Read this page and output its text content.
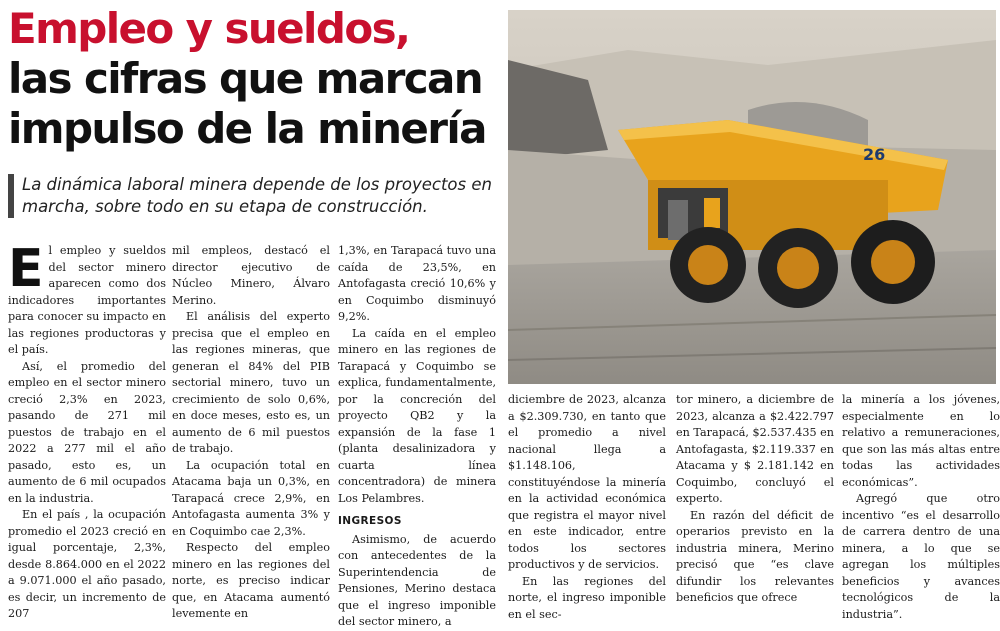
Empleo y sueldos,
las cifras que marcan
impulso de la minería
La dinámica laboral minera depende de los proyectos en marcha, sobre todo en su etapa de construcción.
26
E l empleo y sueldos del sector minero aparecen como dos indicadores importantes para conocer su impacto en las regiones productoras y el país.

Así, el promedio del empleo en el sector minero creció 2,3% en 2023, pasando de 271 mil puestos de trabajo en el 2022 a 277 mil el año pasado, esto es, un aumento de 6 mil ocupados en la industria.

En el país , la ocupación promedio el 2023 creció en igual porcentaje, 2,3%, desde 8.864.000 en el 2022 a 9.071.000 el año pasado, es decir, un incremento de 207

mil empleos, destacó el director ejecutivo de Núcleo Minero, Álvaro Merino.

El análisis del experto precisa que el empleo en las regiones mineras, que generan el 84% del PIB sectorial minero, tuvo un crecimiento de solo 0,6%, en doce meses, esto es, un aumento de 6 mil puestos de trabajo.

La ocupación total en Atacama baja un 0,3%, en Tarapacá crece 2,9%, en Antofagasta aumenta 3% y en Coquimbo cae 2,3%.

Respecto del empleo minero en las regiones del norte, es preciso indicar que, en Atacama aumentó levemente en

1,3%, en Tarapacá tuvo una caída de 23,5%, en Antofagasta creció 10,6% y en Coquimbo disminuyó 9,2%.

La caída en el empleo minero en las regiones de Tarapacá y Coquimbo se explica, fundamentalmente, por la concreción del proyecto QB2 y la expansión de la fase 1 (planta desalinizadora y cuarta línea concentradora) de minera Los Pelambres.

INGRESOS

Asimismo, de acuerdo con antecedentes de la Superintendencia de Pensiones, Merino destaca que el ingreso imponible del sector minero, a

diciembre de 2023, alcanza a $2.309.730, en tanto que el promedio a nivel nacional llega a $1.148.106, constituyéndose la minería en la actividad económica que registra el mayor nivel en este indicador, entre todos los sectores productivos y de servicios.

En las regiones del norte, el ingreso imponible en el sec-

tor minero, a diciembre de 2023, alcanza a $2.422.797 en Tarapacá, $2.537.435 en Antofagasta, $2.119.337 en Atacama y $ 2.181.142 en Coquimbo, concluyó el experto.

En razón del déficit de operarios previsto en la industria minera, Merino precisó que “es clave difundir los relevantes beneficios que ofrece

la minería a los jóvenes, especialmente en lo relativo a remuneraciones, que son las más altas entre todas las actividades económicas”.

Agregó que otro incentivo “es el desarrollo de carrera dentro de una minera, a lo que se agregan los múltiples beneficios y avances tecnológicos de la industria”.
